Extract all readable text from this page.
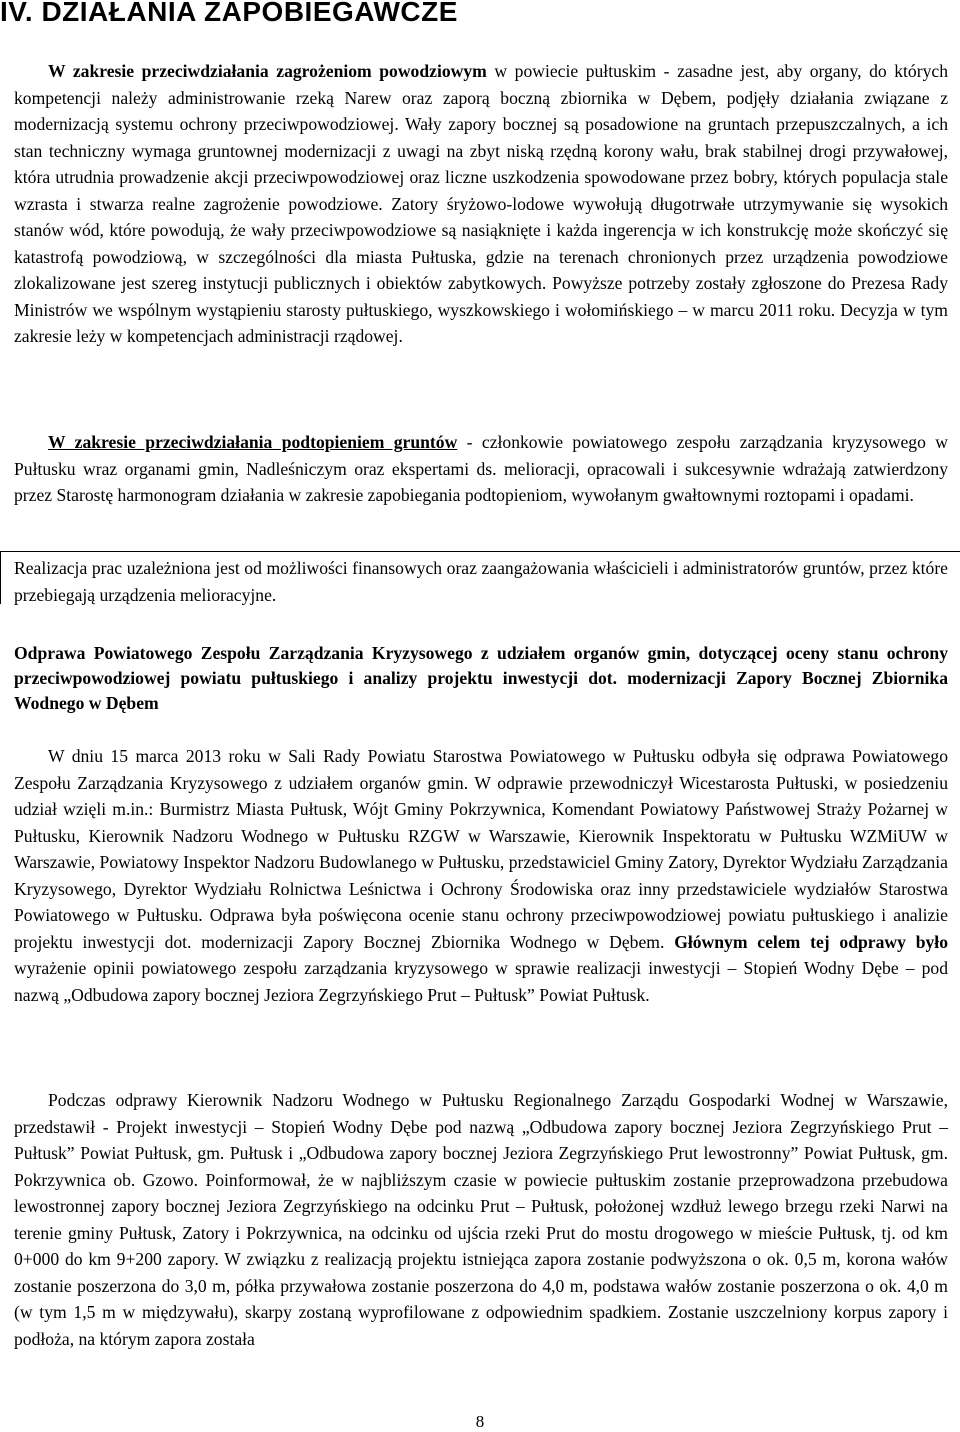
IV. DZIAŁANIA ZAPOBIEGAWCZE

W zakresie przeciwdziałania zagrożeniom powodziowym w powiecie pułtuskim - zasadne jest, aby organy, do których kompetencji należy administrowanie rzeką Narew oraz zaporą boczną zbiornika w Dębem, podjęły działania związane z modernizacją systemu ochrony przeciwpowodziowej. Wały zapory bocznej są posadowione na gruntach przepuszczalnych, a ich stan techniczny wymaga gruntownej modernizacji z uwagi na zbyt niską rzędną korony wału, brak stabilnej drogi przywałowej, która utrudnia prowadzenie akcji przeciwpowodziowej oraz liczne uszkodzenia spowodowane przez bobry, których populacja stale wzrasta i stwarza realne zagrożenie powodziowe. Zatory śryżowo-lodowe wywołują długotrwałe utrzymywanie się wysokich stanów wód, które powodują, że wały przeciwpowodziowe są nasiąknięte i każda ingerencja w ich konstrukcję może skończyć się katastrofą powodziową, w szczególności dla miasta Pułtuska, gdzie na terenach chronionych przez urządzenia powodziowe zlokalizowane jest szereg instytucji publicznych i obiektów zabytkowych. Powyższe potrzeby zostały zgłoszone do Prezesa Rady Ministrów we wspólnym wystąpieniu starosty pułtuskiego, wyszkowskiego i wołomińskiego – w marcu 2011 roku. Decyzja w tym zakresie leży w kompetencjach administracji rządowej.

W zakresie przeciwdziałania podtopieniem gruntów - członkowie powiatowego zespołu zarządzania kryzysowego w Pułtusku wraz organami gmin, Nadleśniczym oraz ekspertami ds. melioracji, opracowali i sukcesywnie wdrażają zatwierdzony przez Starostę harmonogram działania w zakresie zapobiegania podtopieniom, wywołanym gwałtownymi roztopami i opadami.

Realizacja prac uzależniona jest od możliwości finansowych oraz zaangażowania właścicieli i administratorów gruntów, przez które przebiegają urządzenia melioracyjne.

Odprawa Powiatowego Zespołu Zarządzania Kryzysowego z udziałem organów gmin, dotyczącej oceny stanu ochrony przeciwpowodziowej powiatu pułtuskiego i analizy projektu inwestycji dot. modernizacji Zapory Bocznej Zbiornika Wodnego w Dębem

W dniu 15 marca 2013 roku w Sali Rady Powiatu Starostwa Powiatowego w Pułtusku odbyła się odprawa Powiatowego Zespołu Zarządzania Kryzysowego z udziałem organów gmin. W odprawie przewodniczył Wicestarosta Pułtuski, w posiedzeniu udział wzięli m.in.: Burmistrz Miasta Pułtusk, Wójt Gminy Pokrzywnica, Komendant Powiatowy Państwowej Straży Pożarnej w Pułtusku, Kierownik Nadzoru Wodnego w Pułtusku RZGW w Warszawie, Kierownik Inspektoratu w Pułtusku WZMiUW w Warszawie, Powiatowy Inspektor Nadzoru Budowlanego w Pułtusku, przedstawiciel Gminy Zatory, Dyrektor Wydziału Zarządzania Kryzysowego, Dyrektor Wydziału Rolnictwa Leśnictwa i Ochrony Środowiska oraz inny przedstawiciele wydziałów Starostwa Powiatowego w Pułtusku. Odprawa była poświęcona ocenie stanu ochrony przeciwpowodziowej powiatu pułtuskiego i analizie projektu inwestycji dot. modernizacji Zapory Bocznej Zbiornika Wodnego w Dębem. Głównym celem tej odprawy było wyrażenie opinii powiatowego zespołu zarządzania kryzysowego w sprawie realizacji inwestycji – Stopień Wodny Dębe – pod nazwą „Odbudowa zapory bocznej Jeziora Zegrzyńskiego Prut – Pułtusk” Powiat Pułtusk.

Podczas odprawy Kierownik Nadzoru Wodnego w Pułtusku Regionalnego Zarządu Gospodarki Wodnej w Warszawie, przedstawił - Projekt inwestycji – Stopień Wodny Dębe pod nazwą „Odbudowa zapory bocznej Jeziora Zegrzyńskiego Prut – Pułtusk” Powiat Pułtusk, gm. Pułtusk i „Odbudowa zapory bocznej Jeziora Zegrzyńskiego Prut lewostronny” Powiat Pułtusk, gm. Pokrzywnica ob. Gzowo. Poinformował, że w najbliższym czasie w powiecie pułtuskim zostanie przeprowadzona przebudowa lewostronnej zapory bocznej Jeziora Zegrzyńskiego na odcinku Prut – Pułtusk, położonej wzdłuż lewego brzegu rzeki Narwi na terenie gminy Pułtusk, Zatory i Pokrzywnica, na odcinku od ujścia rzeki Prut do mostu drogowego w mieście Pułtusk, tj. od km 0+000 do km 9+200 zapory. W związku z realizacją projektu istniejąca zapora zostanie podwyższona o ok. 0,5 m, korona wałów zostanie poszerzona do 3,0 m, półka przywałowa zostanie poszerzona do 4,0 m, podstawa wałów zostanie poszerzona o ok. 4,0 m (w tym 1,5 m w międzywału), skarpy zostaną wyprofilowane z odpowiednim spadkiem. Zostanie uszczelniony korpus zapory i podłoża, na którym zapora została

8
